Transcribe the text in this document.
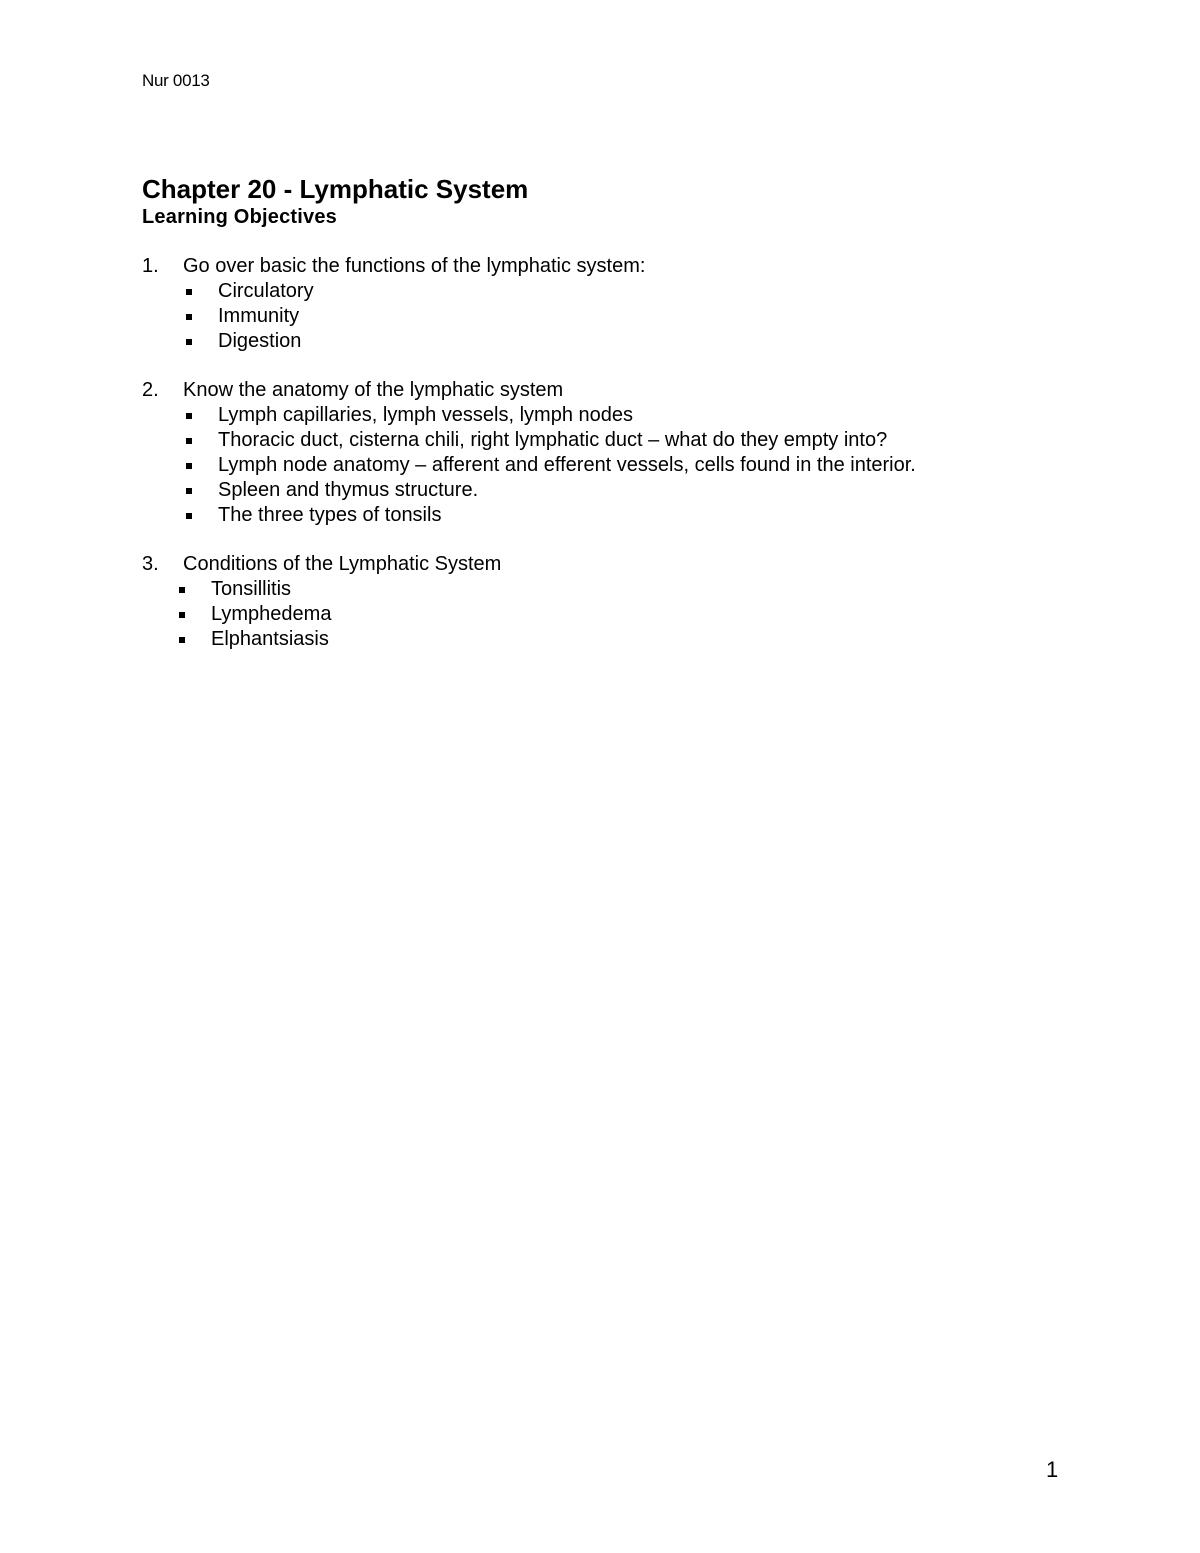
Nur 0013
Chapter 20 - Lymphatic System
Learning Objectives
1. Go over basic the functions of the lymphatic system:
Circulatory
Immunity
Digestion
2. Know the anatomy of the lymphatic system
Lymph capillaries, lymph vessels, lymph nodes
Thoracic duct, cisterna chili, right lymphatic duct – what do they empty into?
Lymph node anatomy – afferent and efferent vessels, cells found in the interior.
Spleen and thymus structure.
The three types of tonsils
3. Conditions of the Lymphatic System
Tonsillitis
Lymphedema
Elphantsiasis
1
